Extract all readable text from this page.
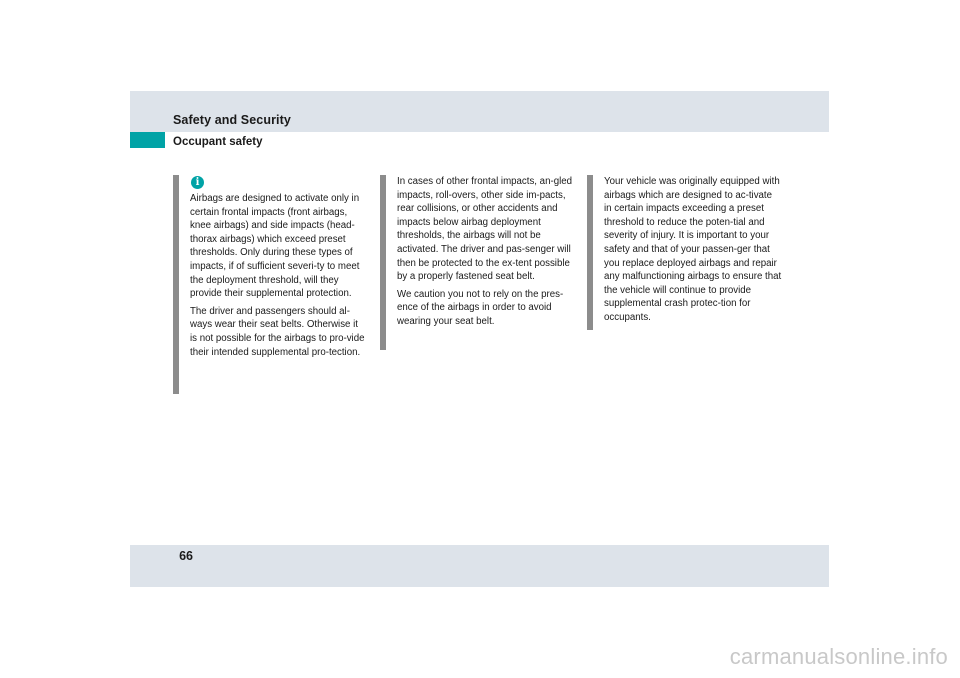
Safety and Security
Occupant safety
i

Airbags are designed to activate only in certain frontal impacts (front airbags, knee airbags) and side impacts (head-thorax airbags) which exceed preset thresholds. Only during these types of impacts, if of sufficient severi-ty to meet the deployment threshold, will they provide their supplemental protection.

The driver and passengers should al-ways wear their seat belts. Otherwise it is not possible for the airbags to pro-vide their intended supplemental pro-tection.

In cases of other frontal impacts, an-gled impacts, roll-overs, other side im-pacts, rear collisions, or other accidents and impacts below airbag deployment thresholds, the airbags will not be activated. The driver and pas-senger will then be protected to the ex-tent possible by a properly fastened seat belt.

We caution you not to rely on the pres-ence of the airbags in order to avoid wearing your seat belt.

Your vehicle was originally equipped with airbags which are designed to ac-tivate in certain impacts exceeding a preset threshold to reduce the poten-tial and severity of injury. It is important to your safety and that of your passen-ger that you replace deployed airbags and repair any malfunctioning airbags to ensure that the vehicle will continue to provide supplemental crash protec-tion for occupants.

66
carmanualsonline.info
